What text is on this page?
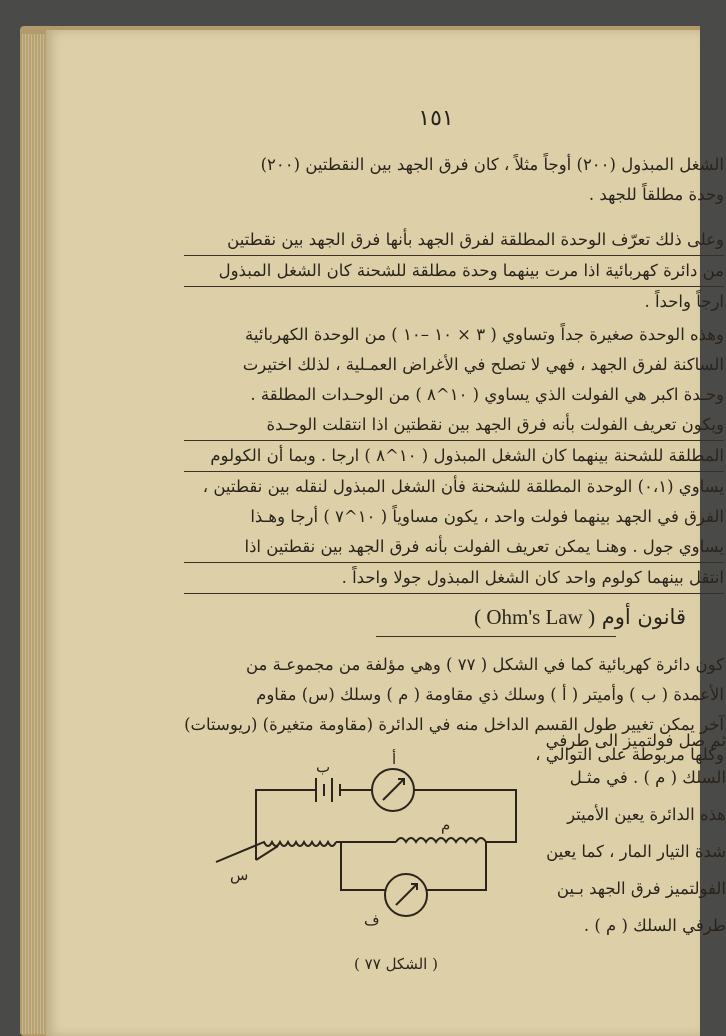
١٥١
الشغل المبذول (٢٠٠) أوجاً مثلاً ، كان فرق الجهد بين النقطتين (٢٠٠)
وحدة مطلقاً للجهد .
وعلى ذلك تعرّف الوحدة المطلقة لفرق الجهد بأنها فرق الجهد بين نقطتين
من دائرة كهربائية اذا مرت بينهما وحدة مطلقة للشحنة كان الشغل المبذول
ارجاً واحداً .
وهذه الوحدة صغيرة جداً وتساوي ( ٣ × ١٠ –١٠ ) من الوحدة الكهربائية
الساكنة لفرق الجهد ، فهي لا تصلح في الأغراض العمـلية ، لذلك اختيرت
وحـدة اكبر هي الفولت الذي يساوي ( ١٠^٨ ) من الوحـدات المطلقة .
ويكون تعريف الفولت بأنه فرق الجهد بين نقطتين اذا انتقلت الوحـدة
المطلقة للشحنة بينهما كان الشغل المبذول ( ١٠^٨ ) ارجا . وبما أن الكولوم
يساوي (٠،١) الوحدة المطلقة للشحنة فأن الشغل المبذول لنقله بين نقطتين ،
الفرق في الجهد بينهما فولت واحد ، يكون مساوياً ( ١٠^٧ ) أرجا وهـذا
يساوي جول . وهنـا يمكن تعريف الفولت بأنه فرق الجهد بين نقطتين اذا
انتقل بينهما كولوم واحد كان الشغل المبذول جولا واحداً .
قانون أوم ( Ohm's Law )
كون دائرة كهربائية كما في الشكل ( ٧٧ ) وهي مؤلفة من مجموعـة من
الأعمدة ( ب ) وأميتر ( أ ) وسلك ذي مقاومة ( م ) وسلك (س) مقاوم
آخر يمكن تغيير طول القسم الداخل منه في الدائرة (مقاومة متغيرة) (ريوستات)
وكلها مربوطة على التوالي ،
ثم صل فولتميز الى طرفي
السلك ( م ) . في مثـل
هذه الدائرة يعين الأميتر
شدة التيار المار ، كما يعين
الفولتميز فرق الجهد بـين
طرفي السلك ( م ) .
ب	أ
م
س
ف
( الشكل ٧٧ )
